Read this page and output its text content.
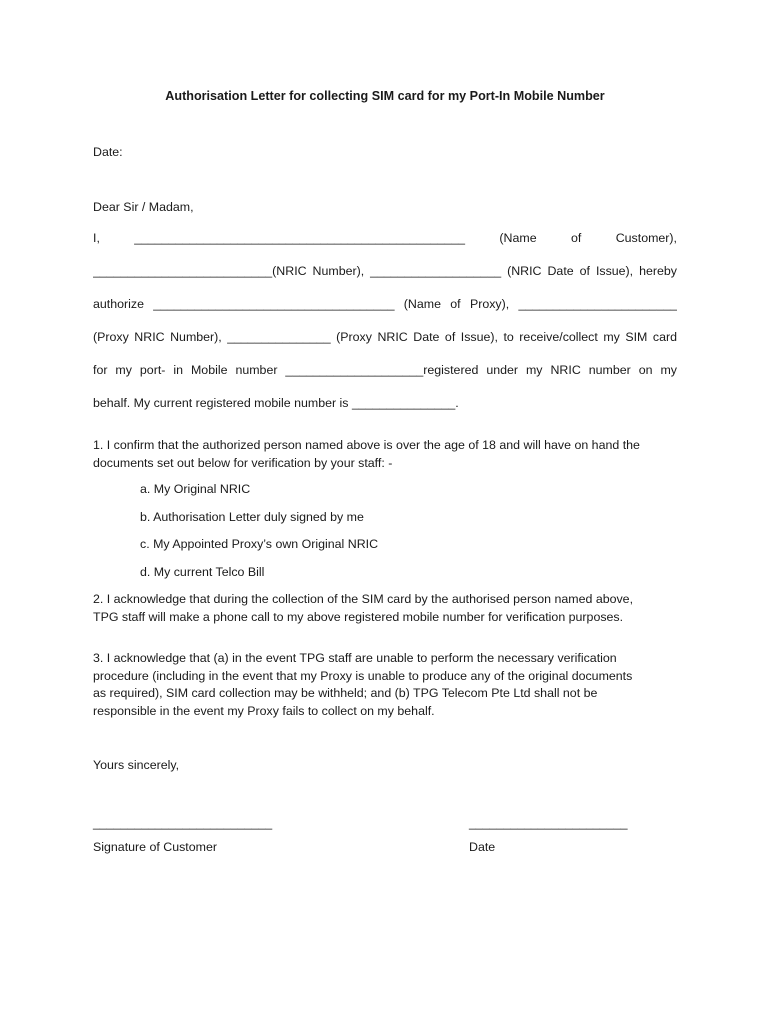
Authorisation Letter for collecting SIM card for my Port-In Mobile Number
Date:
Dear Sir / Madam,
I, ________________________________________________ (Name of Customer),
__________________________(NRIC Number), ___________________ (NRIC Date of Issue), hereby
authorize ___________________________________ (Name of Proxy), _______________________
(Proxy NRIC Number), _______________ (Proxy NRIC Date of Issue), to receive/collect my SIM card
for my port- in Mobile number ____________________registered under my NRIC number on my
behalf. My current registered mobile number is _______________.
1. I confirm that the authorized person named above is over the age of 18 and will have on hand the
documents set out below for verification by your staff: -
a. My Original NRIC
b. Authorisation Letter duly signed by me
c. My Appointed Proxy’s own Original NRIC
d. My current Telco Bill
2. I acknowledge that during the collection of the SIM card by the authorised person named above,
TPG staff will make a phone call to my above registered mobile number for verification purposes.
3. I acknowledge that (a) in the event TPG staff are unable to perform the necessary verification
procedure (including in the event that my Proxy is unable to produce any of the original documents
as required), SIM card collection may be withheld; and (b) TPG Telecom Pte Ltd shall not be
responsible in the event my Proxy fails to collect on my behalf.
Yours sincerely,
__________________________	_______________________
Signature of Customer	Date
